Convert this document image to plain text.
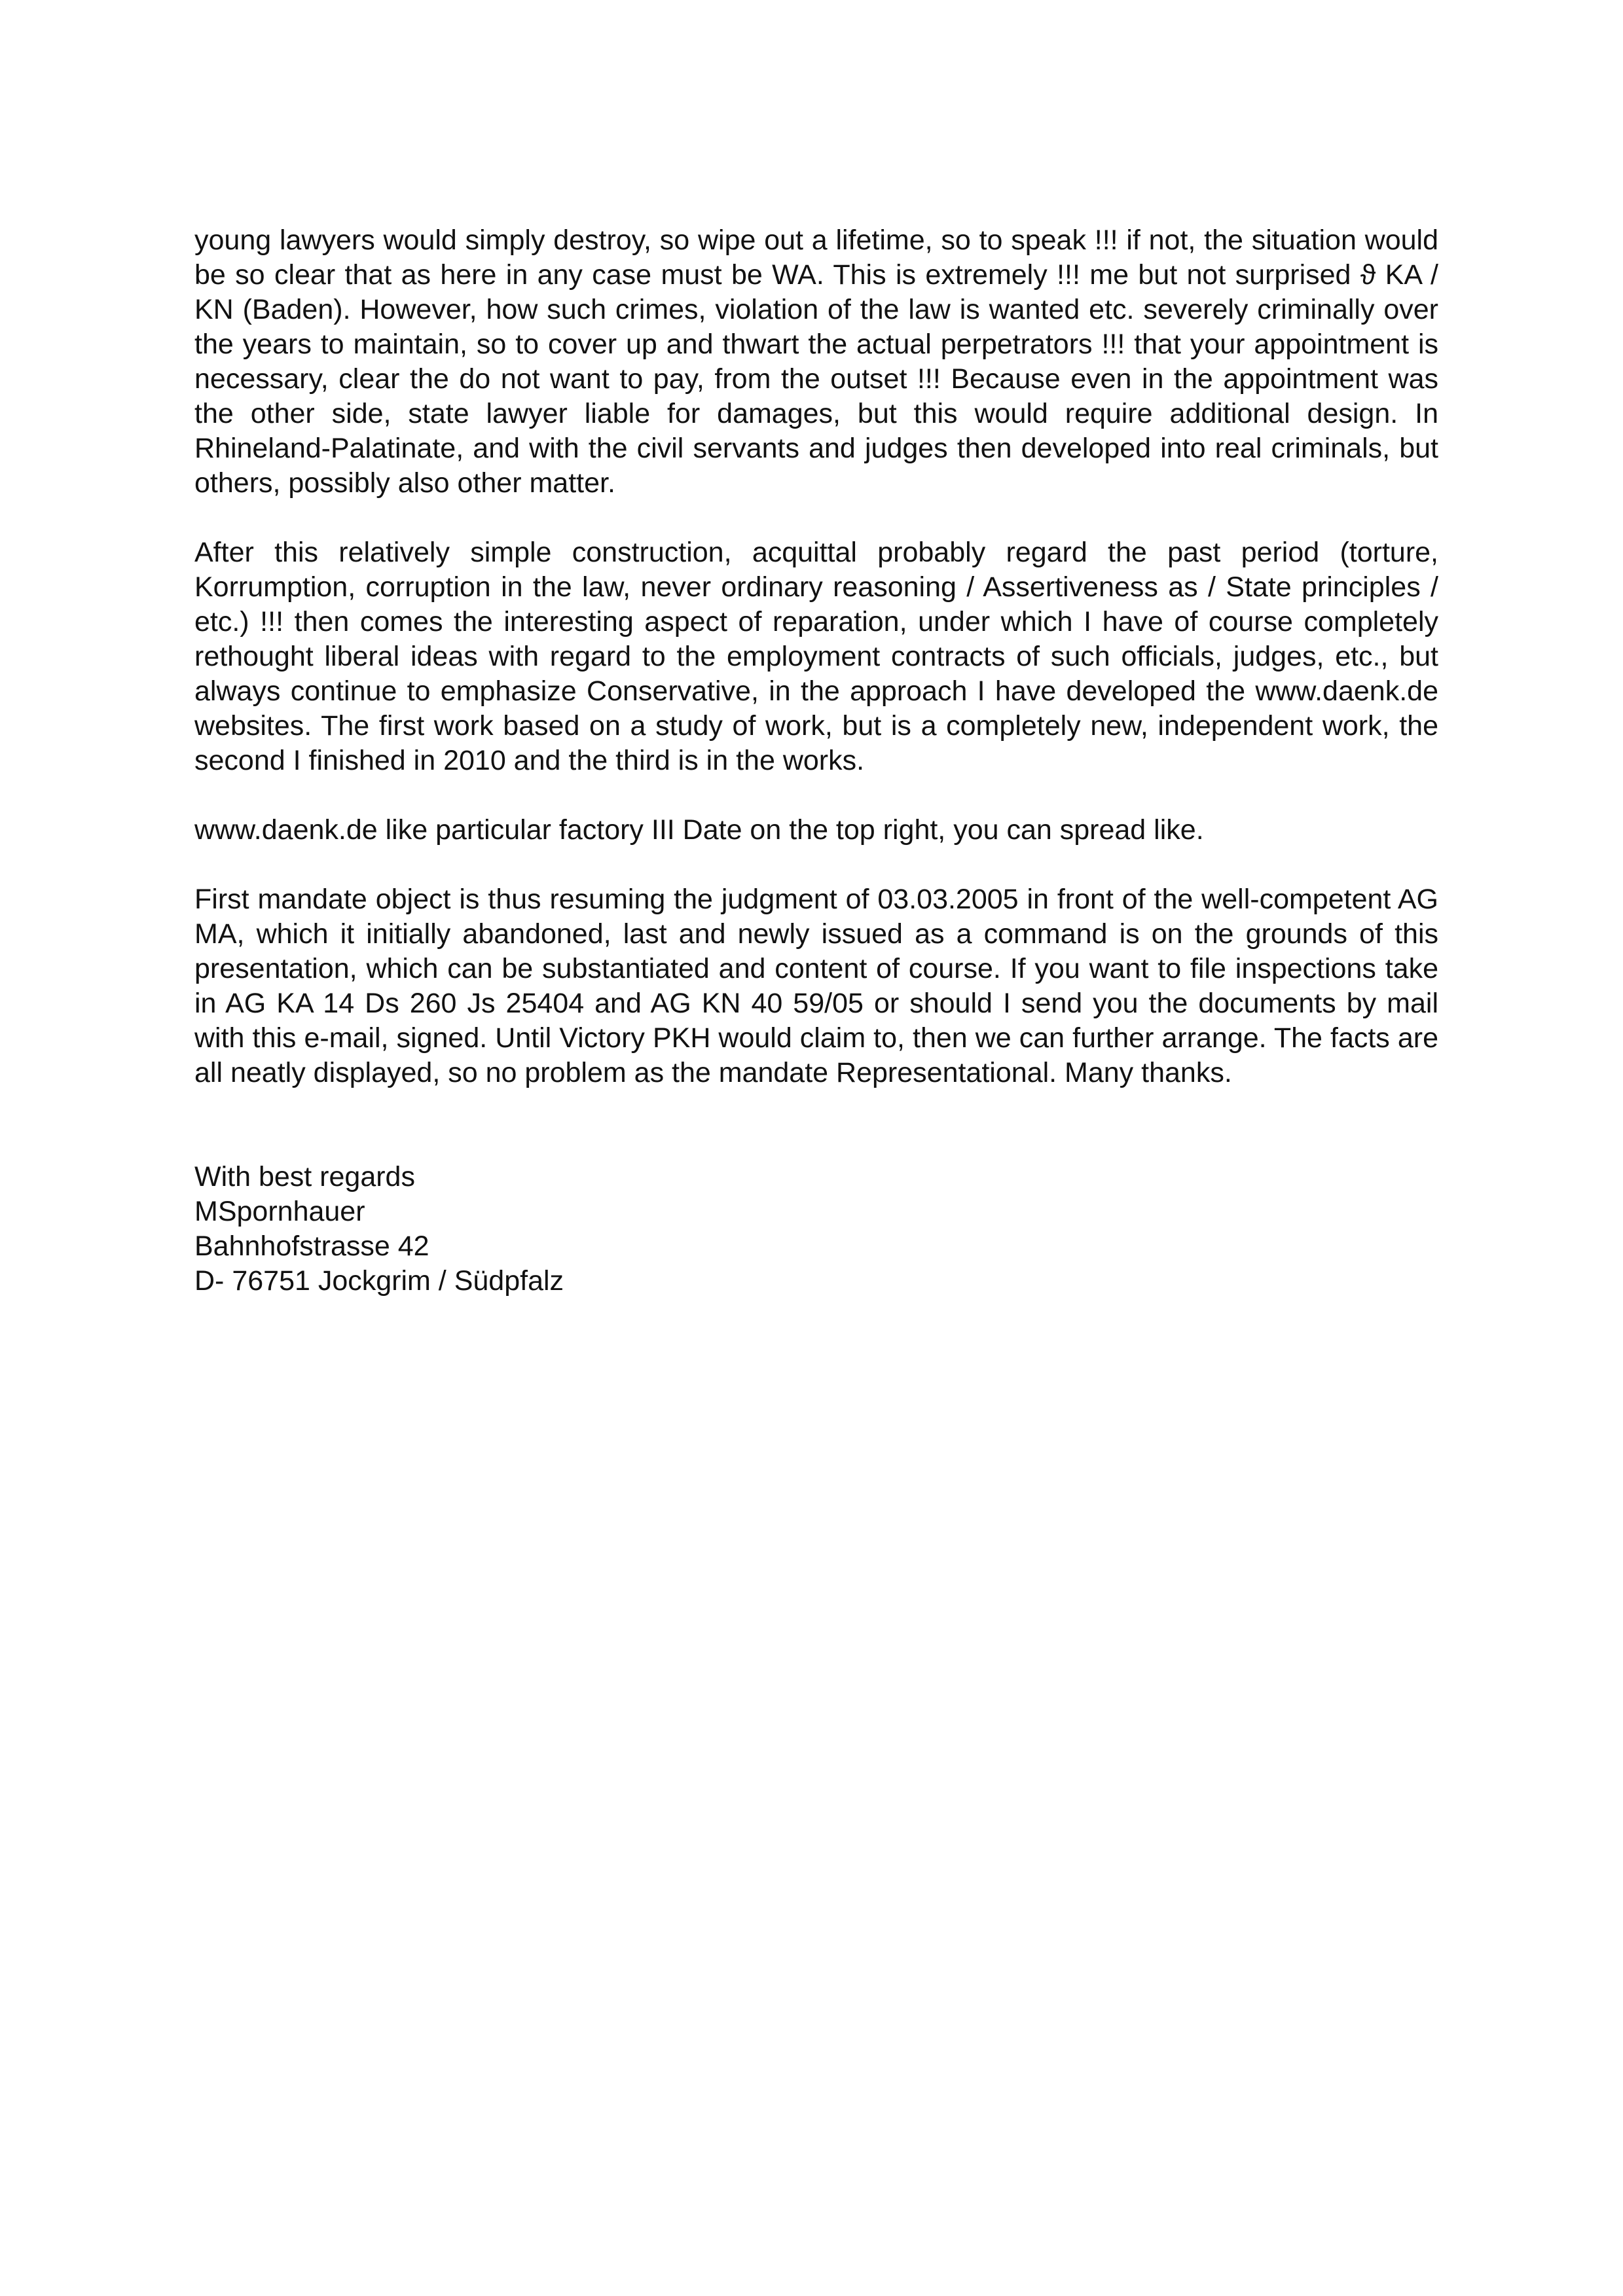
young lawyers would simply destroy, so wipe out a lifetime, so to speak !!! if not, the situation would be so clear that as here in any case must be WA. This is extremely !!! me but not surprised ϑ KA / KN (Baden). However, how such crimes, violation of the law is wanted etc. severely criminally over the years to maintain, so to cover up and thwart the actual perpetrators !!! that your appointment is necessary, clear the do not want to pay, from the outset !!! Because even in the appointment was the other side, state lawyer liable for damages, but this would require additional design. In Rhineland-Palatinate, and with the civil servants and judges then developed into real criminals, but others, possibly also other matter.

After this relatively simple construction, acquittal probably regard the past period (torture, Korrumption, corruption in the law, never ordinary reasoning / Assertiveness as / State principles / etc.) !!! then comes the interesting aspect of reparation, under which I have of course completely rethought liberal ideas with regard to the employment contracts of such officials, judges, etc., but always continue to emphasize Conservative, in the approach I have developed the www.daenk.de websites. The first work based on a study of work, but is a completely new, independent work, the second I finished in 2010 and the third is in the works.

www.daenk.de like particular factory III Date on the top right, you can spread like.

First mandate object is thus resuming the judgment of 03.03.2005 in front of the well-competent AG MA, which it initially abandoned, last and newly issued as a command is on the grounds of this presentation, which can be substantiated and content of course. If you want to file inspections take in AG KA 14 Ds 260 Js 25404 and AG KN 40 59/05 or should I send you the documents by mail with this e-mail, signed. Until Victory PKH would claim to, then we can further arrange. The facts are all neatly displayed, so no problem as the mandate Representational. Many thanks.

With best regards
MSpornhauer
Bahnhofstrasse 42
D- 76751 Jockgrim / Südpfalz
